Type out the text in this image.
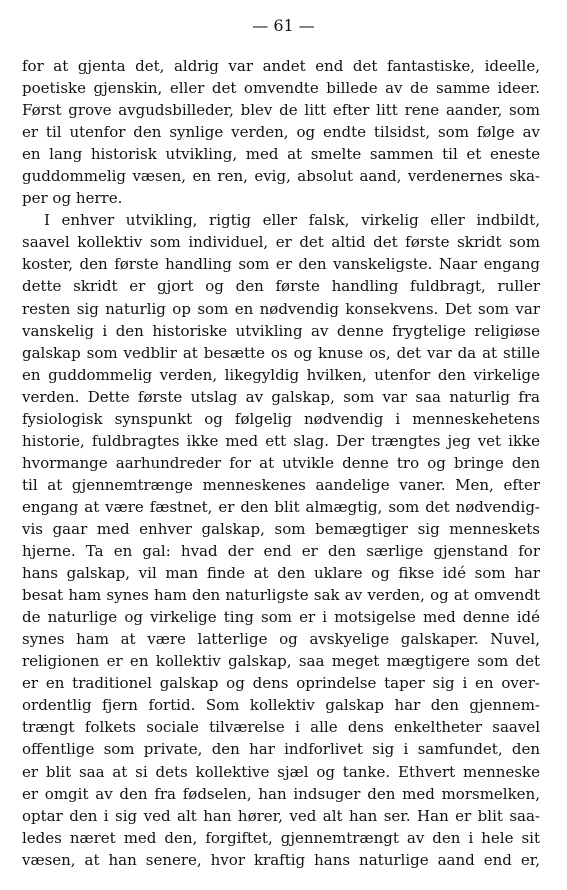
— 61 —
for at gjenta det, aldrig var andet end det fantastiske, ideelle,
poetiske gjenskin, eller det omvendte billede av de samme ideer.
Først grove avgudsbilleder, blev de litt efter litt rene aander, som
er til utenfor den synlige verden, og endte tilsidst, som følge av
en lang historisk utvikling, med at smelte sammen til et eneste
guddommelig væsen, en ren, evig, absolut aand, verdenernes ska-
per og herre.
I enhver utvikling, rigtig eller falsk, virkelig eller indbildt,
saavel kollektiv som individuel, er det altid det første skridt som
koster, den første handling som er den vanskeligste. Naar engang
dette skridt er gjort og den første handling fuldbragt, ruller
resten sig naturlig op som en nødvendig konsekvens. Det som var
vanskelig i den historiske utvikling av denne frygtelige religiøse
galskap som vedblir at besætte os og knuse os, det var da at stille
en guddommelig verden, likegyldig hvilken, utenfor den virkelige
verden. Dette første utslag av galskap, som var saa naturlig fra
fysiologisk synspunkt og følgelig nødvendig i menneskehetens
historie, fuldbragtes ikke med ett slag. Der trængtes jeg vet ikke
hvormange aarhundreder for at utvikle denne tro og bringe den
til at gjennemtrænge menneskenes aandelige vaner. Men, efter
engang at være fæstnet, er den blit almægtig, som det nødvendig-
vis gaar med enhver galskap, som bemægtiger sig menneskets
hjerne. Ta en gal: hvad der end er den særlige gjenstand for
hans galskap, vil man finde at den uklare og fikse idé som har
besat ham synes ham den naturligste sak av verden, og at omvendt
de naturlige og virkelige ting som er i motsigelse med denne idé
synes ham at være latterlige og avskyelige galskaper. Nuvel,
religionen er en kollektiv galskap, saa meget mægtigere som det
er en traditionel galskap og dens oprindelse taper sig i en over-
ordentlig fjern fortid. Som kollektiv galskap har den gjennem-
trængt folkets sociale tilværelse i alle dens enkeltheter saavel
offentlige som private, den har indforlivet sig i samfundet, den
er blit saa at si dets kollektive sjæl og tanke. Ethvert menneske
er omgit av den fra fødselen, han indsuger den med morsmelken,
optar den i sig ved alt han hører, ved alt han ser. Han er blit saa-
ledes næret med den, forgiftet, gjennemtrængt av den i hele sit
væsen, at han senere, hvor kraftig hans naturlige aand end er,
